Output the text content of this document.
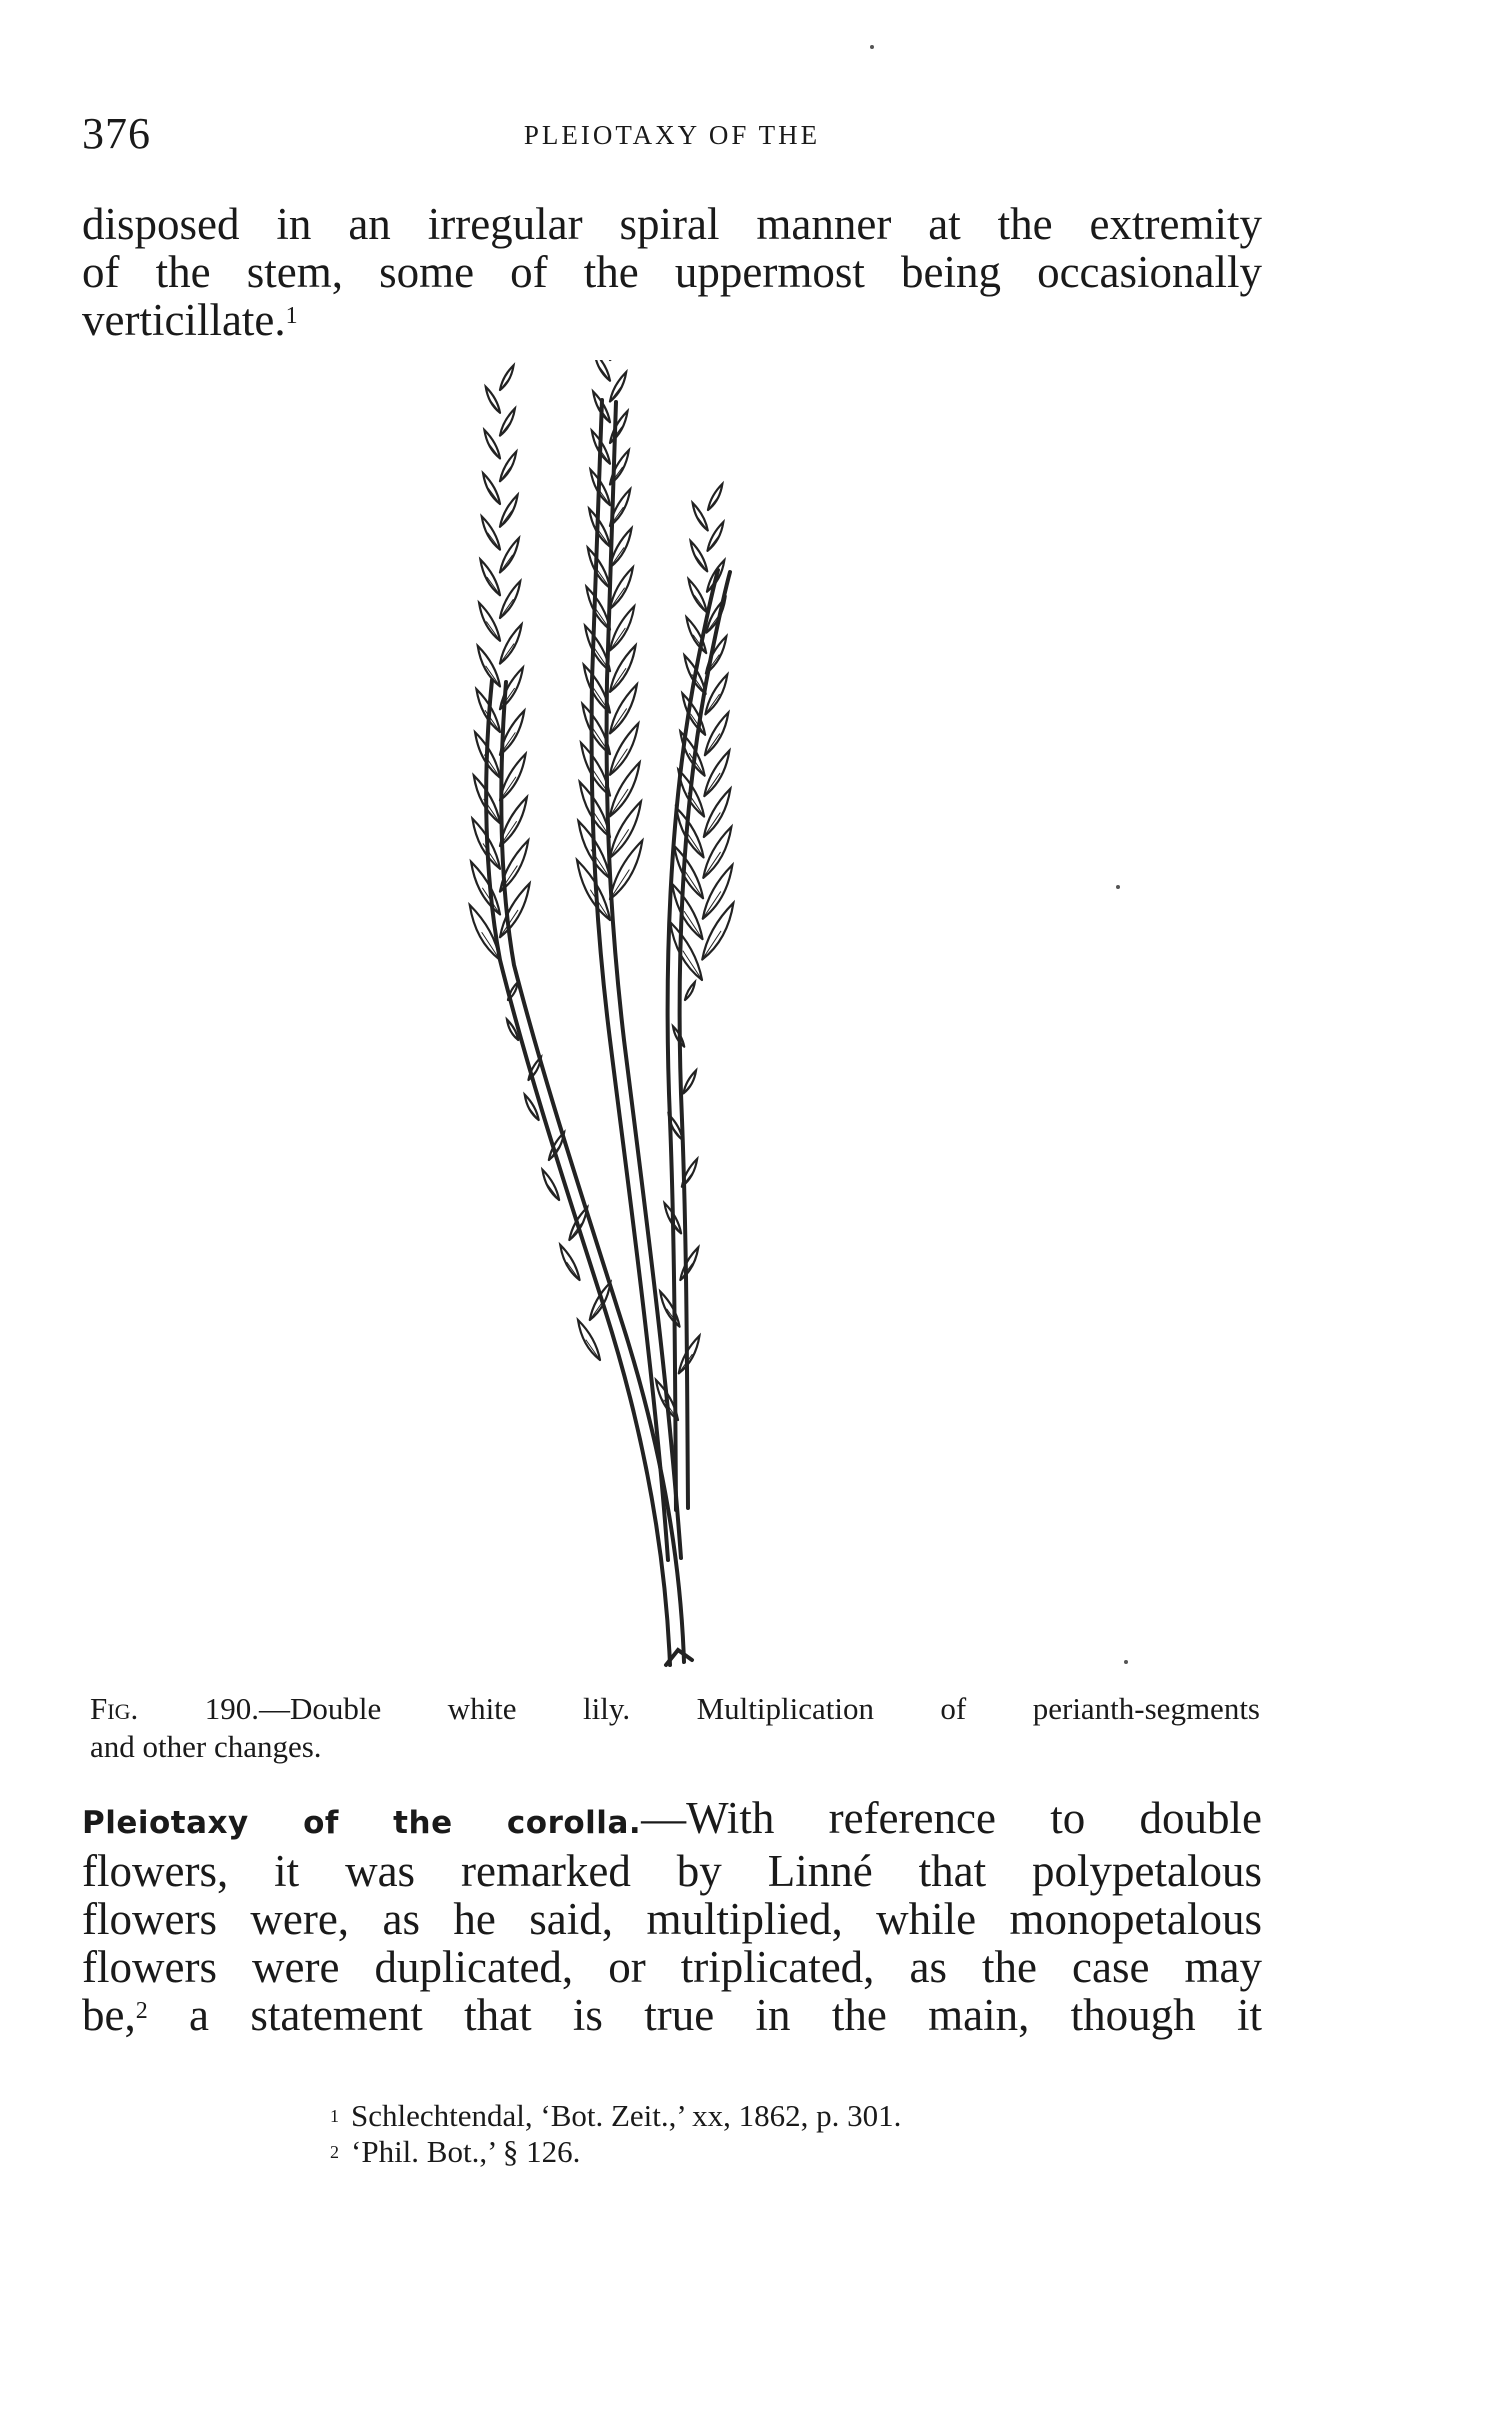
376	PLEIOTAXY OF THE

disposed in an irregular spiral manner at the extremity
of the stem, some of the uppermost being occasionally
verticillate.$^1$

Fig. 190.—Double white lily. Multiplication of perianth-segments
and other changes.

Pleiotaxy of the corolla.—With reference to double
flowers, it was remarked by Linné that polypetalous
flowers were, as he said, multiplied, while monopetalous
flowers were duplicated, or triplicated, as the case may
be,$^2$ a statement that is true in the main, though it

$^1$ Schlechtendal, ‘Bot. Zeit.,’ xx, 1862, p. 301.
$^2$ ‘Phil. Bot.,’ § 126.
